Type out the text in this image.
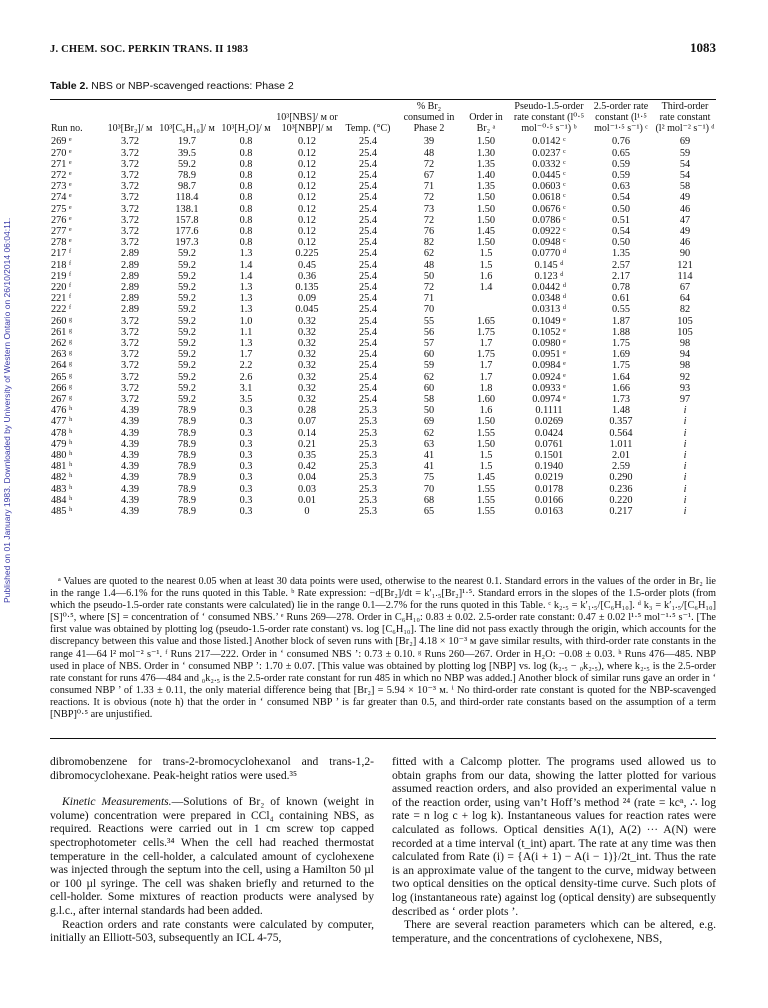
Published on 01 January 1983. Downloaded by University of Western Ontario on 26/10/2014 06:04:11.
J. CHEM. SOC. PERKIN TRANS. II 1983	1083
Table 2. NBS or NBP-scavenged reactions: Phase 2
Run no.	10³[Br₂]/ м	10³[C₆H₁₀]/ м	10³[H₂O]/ м	10³[NBS]/ м or 10³[NBP]/ м	Temp. (°C)	% Br₂ consumed in Phase 2	Order in Br₂ ᵃ	Pseudo-1.5-order rate constant (l⁰·⁵ mol⁻⁰·⁵ s⁻¹) ᵇ	2.5-order rate constant (l¹·⁵ mol⁻¹·⁵ s⁻¹) ᶜ	Third-order rate constant (l² mol⁻² s⁻¹) ᵈ
269 ᵉ	3.72	19.7	0.8	0.12	25.4	39	1.50	0.0142 ᶜ	0.76	69
270 ᵉ	3.72	39.5	0.8	0.12	25.4	48	1.30	0.0237 ᶜ	0.65	59
271 ᵉ	3.72	59.2	0.8	0.12	25.4	72	1.35	0.0332 ᶜ	0.59	54
272 ᵉ	3.72	78.9	0.8	0.12	25.4	67	1.40	0.0445 ᶜ	0.59	54
273 ᵉ	3.72	98.7	0.8	0.12	25.4	71	1.35	0.0603 ᶜ	0.63	58
274 ᵉ	3.72	118.4	0.8	0.12	25.4	72	1.50	0.0618 ᶜ	0.54	49
275 ᵉ	3.72	138.1	0.8	0.12	25.4	73	1.50	0.0676 ᶜ	0.50	46
276 ᵉ	3.72	157.8	0.8	0.12	25.4	72	1.50	0.0786 ᶜ	0.51	47
277 ᵉ	3.72	177.6	0.8	0.12	25.4	76	1.45	0.0922 ᶜ	0.54	49
278 ᵉ	3.72	197.3	0.8	0.12	25.4	82	1.50	0.0948 ᶜ	0.50	46
217 ᶠ	2.89	59.2	1.3	0.225	25.4	62	1.5	0.0770 ᵈ	1.35	90
218 ᶠ	2.89	59.2	1.4	0.45	25.4	48	1.5	0.145 ᵈ	2.57	121
219 ᶠ	2.89	59.2	1.4	0.36	25.4	50	1.6	0.123 ᵈ	2.17	114
220 ᶠ	2.89	59.2	1.3	0.135	25.4	72	1.4	0.0442 ᵈ	0.78	67
221 ᶠ	2.89	59.2	1.3	0.09	25.4	71		0.0348 ᵈ	0.61	64
222 ᶠ	2.89	59.2	1.3	0.045	25.4	70		0.0313 ᵈ	0.55	82
260 ᵍ	3.72	59.2	1.0	0.32	25.4	55	1.65	0.1049 ᵉ	1.87	105
261 ᵍ	3.72	59.2	1.1	0.32	25.4	56	1.75	0.1052 ᵉ	1.88	105
262 ᵍ	3.72	59.2	1.3	0.32	25.4	57	1.7	0.0980 ᵉ	1.75	98
263 ᵍ	3.72	59.2	1.7	0.32	25.4	60	1.75	0.0951 ᵉ	1.69	94
264 ᵍ	3.72	59.2	2.2	0.32	25.4	59	1.7	0.0984 ᵉ	1.75	98
265 ᵍ	3.72	59.2	2.6	0.32	25.4	62	1.7	0.0924 ᵉ	1.64	92
266 ᵍ	3.72	59.2	3.1	0.32	25.4	60	1.8	0.0933 ᵉ	1.66	93
267 ᵍ	3.72	59.2	3.5	0.32	25.4	58	1.60	0.0974 ᵉ	1.73	97
476 ʰ	4.39	78.9	0.3	0.28	25.3	50	1.6	0.1111	1.48	i
477 ʰ	4.39	78.9	0.3	0.07	25.3	69	1.50	0.0269	0.357	i
478 ʰ	4.39	78.9	0.3	0.14	25.3	62	1.55	0.0424	0.564	i
479 ʰ	4.39	78.9	0.3	0.21	25.3	63	1.50	0.0761	1.011	i
480 ʰ	4.39	78.9	0.3	0.35	25.3	41	1.5	0.1501	2.01	i
481 ʰ	4.39	78.9	0.3	0.42	25.3	41	1.5	0.1940	2.59	i
482 ʰ	4.39	78.9	0.3	0.04	25.3	75	1.45	0.0219	0.290	i
483 ʰ	4.39	78.9	0.3	0.03	25.3	70	1.55	0.0178	0.236	i
484 ʰ	4.39	78.9	0.3	0.01	25.3	68	1.55	0.0166	0.220	i
485 ʰ	4.39	78.9	0.3	0	25.3	65	1.55	0.0163	0.217	i

ᵃ Values are quoted to the nearest 0.05 when at least 30 data points were used, otherwise to the nearest 0.1. Standard errors in the values of the order in Br₂ lie in the range 1.4—6.1% for the runs quoted in this Table. ᵇ Rate expression: −d[Br₂]/dt = k′₁.₅[Br₂]¹·⁵. Standard errors in the slopes of the 1.5-order plots (from which the pseudo-1.5-order rate constants were calculated) lie in the range 0.1—2.7% for the runs quoted in this Table. ᶜ k₂.₅ = k′₁.₅/[C₆H₁₀]. ᵈ k₃ = k′₁.₅/[C₆H₁₀][S]⁰·⁵, where [S] = concentration of ‘ consumed NBS.’ ᵉ Runs 269—278. Order in C₆H₁₀: 0.83 ± 0.02. 2.5-order rate constant: 0.47 ± 0.02 l¹·⁵ mol⁻¹·⁵ s⁻¹. [The first value was obtained by plotting log (pseudo-1.5-order rate constant) vs. log [C₆H₁₀]. The line did not pass exactly through the origin, which accounts for the discrepancy between this value and those listed.] Another block of seven runs with [Br₂] 4.18 × 10⁻³ м gave similar results, with third-order rate constants in the range 41—64 l² mol⁻² s⁻¹. ᶠ Runs 217—222. Order in ‘ consumed NBS ’: 0.73 ± 0.10. ᵍ Runs 260—267. Order in H₂O: −0.08 ± 0.03. ʰ Runs 476—485. NBP used in place of NBS. Order in ‘ consumed NBP ’: 1.70 ± 0.07. [This value was obtained by plotting log [NBP] vs. log (k₂.₅ − ₀k₂.₅), where k₂.₅ is the 2.5-order rate constant for runs 476—484 and ₀k₂.₅ is the 2.5-order rate constant for run 485 in which no NBP was added.] Another block of similar runs gave an order in ‘ consumed NBP ’ of 1.33 ± 0.11, the only material difference being that [Br₂] = 5.94 × 10⁻³ м. ⁱ No third-order rate constant is quoted for the NBP-scavenged reactions. It is obvious (note h) that the order in ‘ consumed NBP ’ is far greater than 0.5, and third-order rate constants based on the assumption of a term [NBP]⁰·⁵ are unjustified.

dibromobenzene for trans-2-bromocyclohexanol and trans-1,2-dibromocyclohexane. Peak-height ratios were used.³⁵

Kinetic Measurements.—Solutions of Br₂ of known (weight in volume) concentration were prepared in CCl₄ containing NBS, as required. Reactions were carried out in 1 cm screw top capped spectrophotometer cells.³⁴ When the cell had reached thermostat temperature in the cell-holder, a calculated amount of cyclohexene was injected through the septum into the cell, using a Hamilton 50 µl or 100 µl syringe. The cell was shaken briefly and returned to the cell-holder. Some mixtures of reaction products were analysed by g.l.c., after internal standards had been added.

Reaction orders and rate constants were calculated by computer, initially an Elliott-503, subsequently an ICL 4-75,

fitted with a Calcomp plotter. The programs used allowed us to obtain graphs from our data, showing the latter plotted for various assumed reaction orders, and also provided an experimental value n of the reaction order, using van’t Hoff’s method ²⁴ (rate = kcⁿ, ∴ log rate = n log c + log k). Instantaneous values for reaction rates were calculated as follows. Optical densities A(1), A(2) ··· A(N) were recorded at a time interval (t_int) apart. The rate at any time was then calculated from Rate (i) = {A(i + 1) − A(i − 1)}/2t_int. Thus the rate is an approximate value of the tangent to the curve, midway between two optical densities on the optical density-time curve. Such plots of log (instantaneous rate) against log (optical density) are subsequently described as ‘ order plots ’.

There are several reaction parameters which can be altered, e.g. temperature, and the concentrations of cyclohexene, NBS,
